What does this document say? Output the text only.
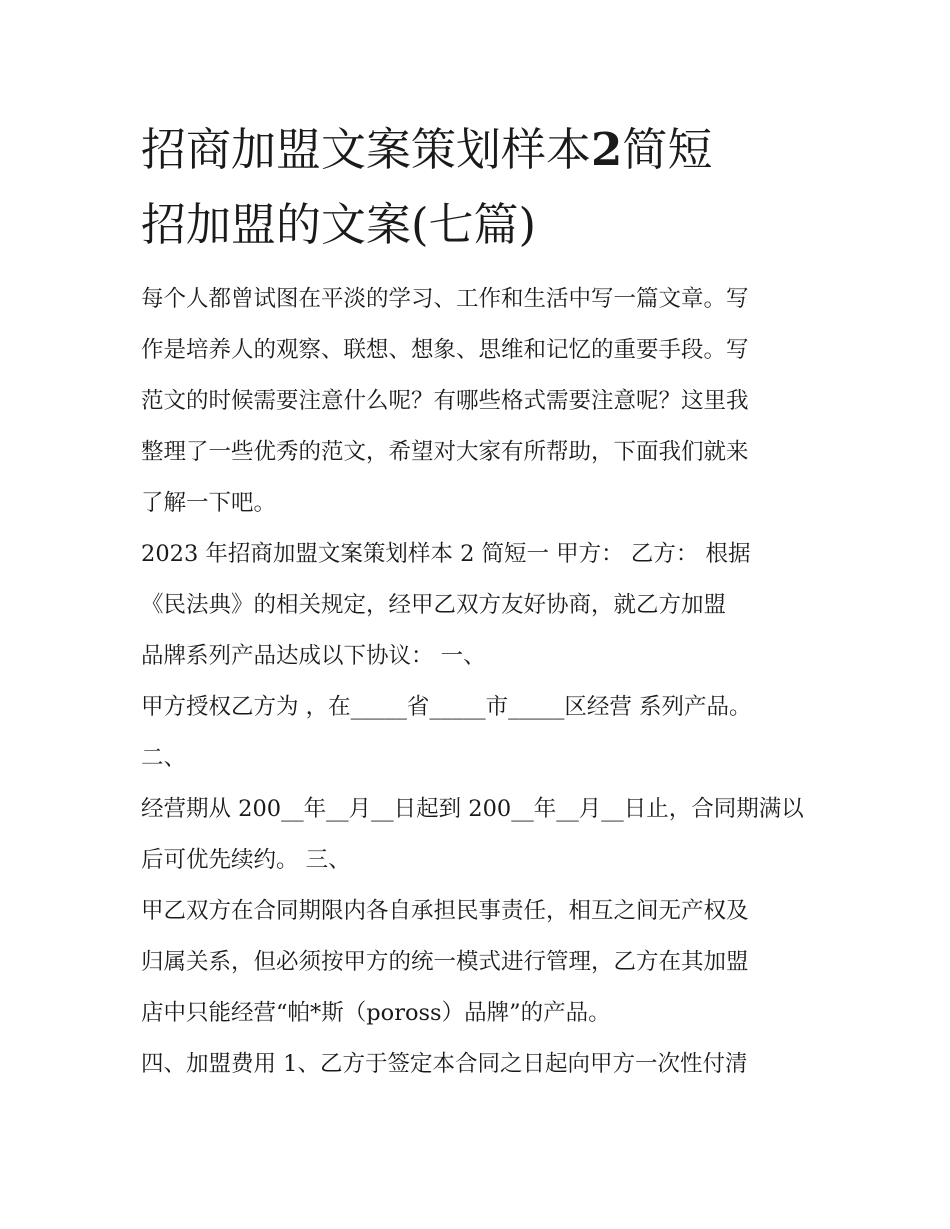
招商加盟文案策划样本2简短
招加盟的文案(七篇)
每个人都曾试图在平淡的学习、工作和生活中写一篇文章。写
作是培养人的观察、联想、想象、思维和记忆的重要手段。写
范文的时候需要注意什么呢？有哪些格式需要注意呢？这里我
整理了一些优秀的范文，希望对大家有所帮助，下面我们就来
了解一下吧。
2023 年招商加盟文案策划样本 2 简短一 甲方： 乙方： 根据
《民法典》的相关规定，经甲乙双方友好协商，就乙方加盟
品牌系列产品达成以下协议： 一、
甲方授权乙方为 ，在_____省_____市_____区经营 系列产品。
二、
经营期从 200__年__月__日起到 200__年__月__日止，合同期满以
后可优先续约。 三、
甲乙双方在合同期限内各自承担民事责任，相互之间无产权及
归属关系，但必须按甲方的统一模式进行管理，乙方在其加盟
店中只能经营“帕*斯（poross）品牌”的产品。
四、加盟费用 1、乙方于签定本合同之日起向甲方一次性付清
